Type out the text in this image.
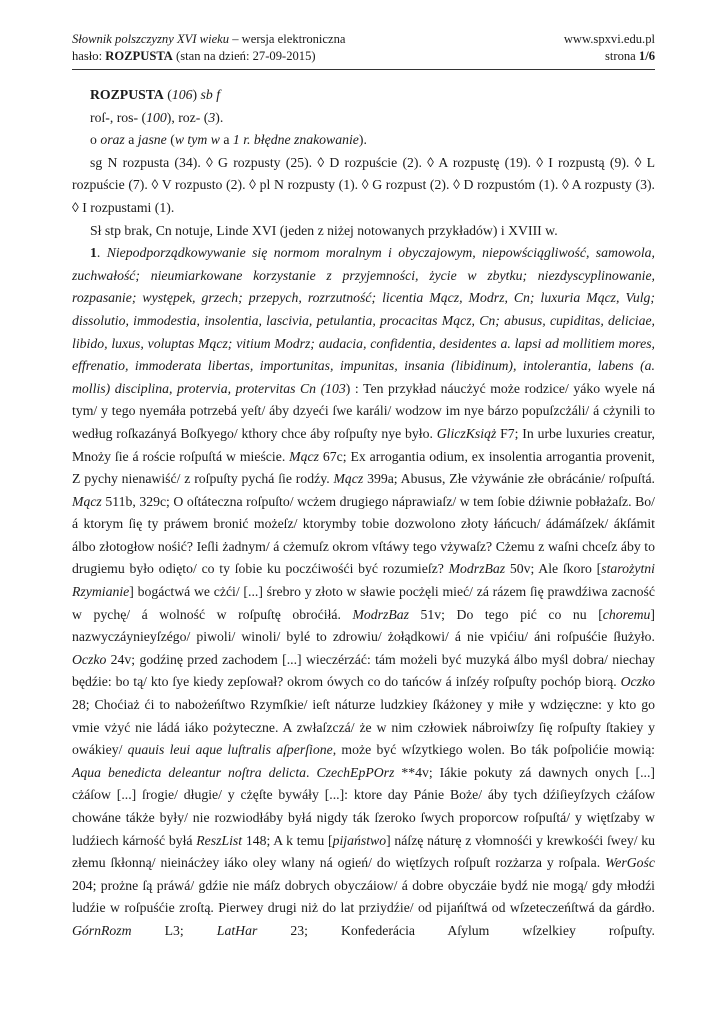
Słownik polszczyzny XVI wieku – wersja elektroniczna	www.spxvi.edu.pl
hasło: ROZPUSTA (stan na dzień: 27-09-2015)	strona 1/6

ROZPUSTA (106) sb f

roſ-, ros- (100), roz- (3).

o oraz a jasne (w tym w a 1 r. błędne znakowanie).

sg N rozpusta (34). ◊ G rozpusty (25). ◊ D rozpuście (2). ◊ A rozpustę (19). ◊ I rozpustą (9). ◊ L rozpuście (7). ◊ V rozpusto (2). ◊ pl N rozpusty (1). ◊ G rozpust (2). ◊ D rozpustóm (1). ◊ A rozpusty (3). ◊ I rozpustami (1).

Sł stp brak, Cn notuje, Linde XVI (jeden z niżej notowanych przykładów) i XVIII w.

1. Niepodporządkowywanie się normom moralnym i obyczajowym, niepowściągliwość, samowola, zuchwałość; nieumiarkowane korzystanie z przyjemności, życie w zbytku; niezdyscyplinowanie, rozpasanie; występek, grzech; przepych, rozrzutność; licentia Mącz, Modrz, Cn; luxuria Mącz, Vulg; dissolutio, immodestia, insolentia, lascivia, petulantia, procacitas Mącz, Cn; abusus, cupiditas, deliciae, libido, luxus, voluptas Mącz; vitium Modrz; audacia, confidentia, desidentes a. lapsi ad mollitiem mores, effrenatio, immoderata libertas, importunitas, impunitas, insania (libidinum), intolerantia, labens (a. mollis) disciplina, protervia, protervitas Cn (103) : Ten przykład náucżyć może rodzice/ yáko wyele ná tym/ y tego nyemáła potrzebá yeſt/ áby dzyeći ſwe karáli/ wodzow im nye bárzo popuſzcżáli/ á cżynili to według roſkazányá Boſkyego/ kthory chce áby roſpuſty nye było. GliczKsiąż F7; In urbe luxuries creatur, Mnoży ſie á rośc﻿ie roſpuſtá w mieśc﻿ie. Mącz 67c; Ex arrogantia odium, ex insolentia arrogantia provenit, Z pychy nienawiść/ z roſpuſty pychá ſie rodźy. Mącz 399a; Abusus, Złe vżywánie złe obrácánie/ roſpuſtá. Mącz 511b, 329c; O oſtáteczna roſpuſto/ wcżem drugiego náprawiaſz/ w tem ſobie dźiwnie pobłażaſz. Bo/ á ktorym ſię ty práwem bronić możeſz/ ktorymby tobie dozwolono złoty łáńcuch/ ádámáſzek/ ákſámit álbo złotogłow nośić? Ieſli żadnym/ á cżemuſz okrom vſtáwy tego vżywaſz? Cżemu z waſni chceſz áby to drugiemu było odięto/ co ty ſobie ku poczćiwośći być rozumieſz? ModrzBaz 50v; Ale ſkoro [starożytni Rzymianie] bogáctwá we cżći/ [...] śrebro y złoto w sławie pocżęli mieć/ zá rázem ſię prawdźiwa zacność w pychę/ á wolność w roſpuſtę obrоćiłá. ModrzBaz 51v; Do tego pić co nu [choremu] nazwyczáynieyſzégo/ piwoli/ winoli/ bylé to zdrowiu/ żołądkowi/ á nie vpićiu/ áni roſpuśćie ſłużyło. Oczko 24v; godźinę przed zachodem [...] wieczérzáć: tám możeli być muzyká álbo myśl dobra/ niechay będźie: bo tą/ kto ſye kiedy zepſował? okrom ówych co do tańców á inſzéy roſpuſty pochóp biorą. Oczko 28; Choćiaż ći to nabożeńſtwo Rzymſkie/ ieſt náturze ludzkiey ſkáżoney y miłe y wdzięczne: y kto go vmie vżyć nie ládá iáko pożyteczne. A zwłaſzczá/ że w nim człowiek nábroiwſzy ſię roſpuſty ſtakiey y owákiey/ quauis leui aque luſtralis aſperſione, może być wſzytkiego wolen. Bo ták poſpolićie mowią: Aqua benedicta deleantur noſtra delicta. CzechEpPOrz **4v; Iákie pokuty zá dawnych onych [...] cżáſow [...] ſrogie/ długie/ y cżęſte bywáły [...]: ktore day Pánie Boże/ áby tych dźiſieyſzych cżáſow chowáne tákże były/ nie rozwiodłáby byłá nigdy ták ſzeroko ſwych proporcow roſpuſtá/ y więtſzaby w ludźiech kárność byłá ReszList 148; A k temu [pijaństwo] náſzę náturę z vłomnośći y krewkośći ſwey/ ku złemu ſkłonną/ nieinácżey iáko oley wlany ná ogień/ do więtſzych roſpuſt rozżarza y roſpala. WerGośc 204; prożne ſą práwá/ gdźie nie máſz dobrych obyczáiow/ á dobre obyczáie bydź nie mogą/ gdy młodźi ludźie w roſpuśćie zroſtą. Pierwey drugi niż do lat prziydźie/ od pijańſtwá od wſzeteczeńſtwá da gárdło. GórnRozm L3; LatHar 23; Konfederácia Aſylum wſzelkiey roſpuſty.
